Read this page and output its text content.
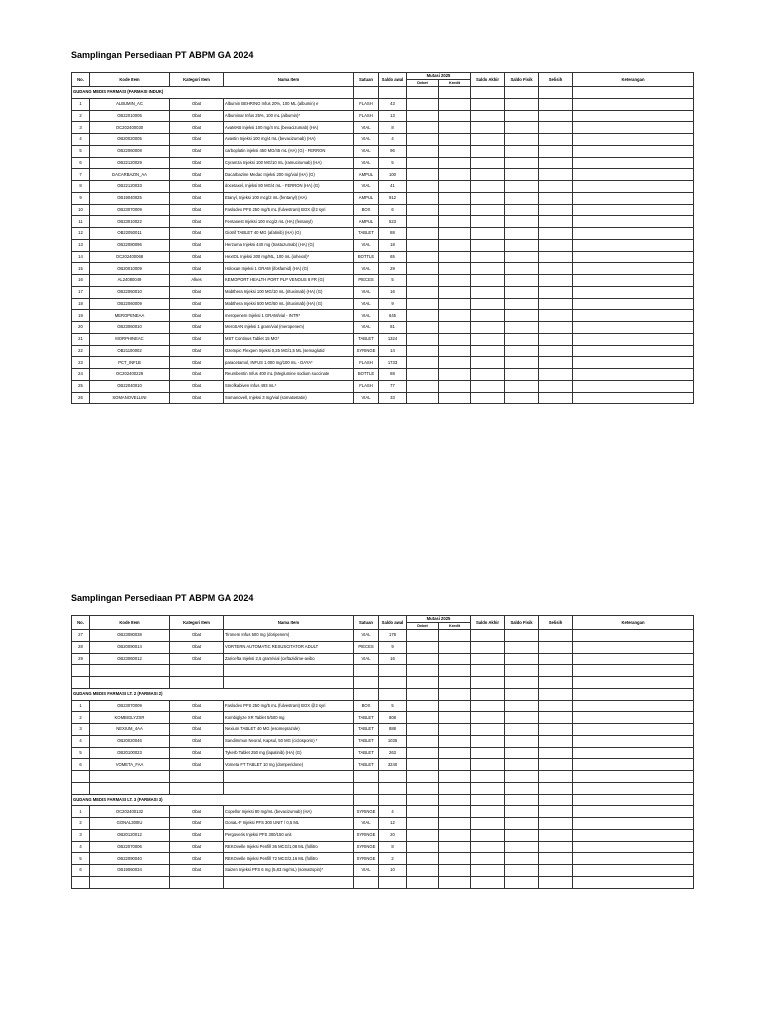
Samplingan Persediaan PT ABPM GA 2024
No.	Kode Item	Kategori Item	Nama Item	Satuan	Saldo awal	Mutasi 2025		Saldo Akhir	Saldo Fisik	Selisih	Keterangan
						Debet	Kredit				
GUDANG MEDIS FARMASI (FARMASI INDUK)											
1	ALBUMIN_AC	Obat	Albumin BEHRING Infus 20%, 100 ML (albumin) e	FLASH	43						
2	OB22010005	Obat	Albuminar Infus 25%, 100 mL (albumin)*	FLASH	13						
3	OC202400030	Obat	AvaMAB Injeksi 100 mg/4 mL (bevacizumab) (HA)	VIAL	8						
4	OB20020005	Obat	Avastin Injeksi 100 mg/4 mL (bevacizumab) (HA)	VIAL	4						
5	OB22060008	Obat	carboplatin injeksi 450 MG/45 mL (HA) (G) - FERRON	VIAL	96						
6	OB22120029	Obat	Cyramza Injeksi 100 MG/10 mL (ramucirumab) (HA)	VIAL	5						
7	DACARBAZIN_AA	Obat	Dacarbazine Medac Injeksi 200 mg/vial (HA) (G)	AMPUL	100						
8	OB22120033	Obat	docetaxel, Injeksi 80 MG/4 mL - FERRON (HA) (G)	VIAL	41						
9	OB19040025	Obat	Etanyl, Injeksi 100 mcg/2 mL (fentanyl) (HA)	AMPUL	912						
10	OB23070009	Obat	Faslodex PFS 250 mg/5 mL (fulvestrant) BOX @2 syri	BOX	6						
11	OB23010022	Obat	Fentanest Injeksi 100 mcg/2 mL (HA) (fentanyl)	AMPUL	523						
12	OB22050011	Obat	Giotrif TABLET 40 MG (afatinib) (HA) (G)	TABLET	88						
13	OB22080096	Obat	Herzuma Injeksi 440 mg (trastuzumab) (HA) (G)	VIAL	18						
14	OC202400068	Obat	HextOL Injeksi 300 mg/ML, 100 mL (iohexol)*	BOTTLE	65						
15	OB20010009	Obat	Holoxan Injeksi 1 GRAM (ifosfamid) (HA) (G)	VIAL	29						
16	AL24080049	Alkes	KEMOPORT HEALTH PORT PLP VENOUS 8 FR (G)	PIECES	5						
17	OB22060010	Obat	Mabthera Injeksi 100 MG/10 mL (rituximab) (HA) (G)	VIAL	16						
18	OB22060009	Obat	Mabthera Injeksi 500 MG/50 mL (rituximab) (HA) (G)	VIAL	9						
19	MEROPENEAA	Obat	meropenem Injeksi 1 GRAM/vial - INTR*	VIAL	645						
20	OB23060010	Obat	MeroSAN Injeksi 1 gram/vial (meropenem)	VIAL	81						
21	MORPHINEAC	Obat	MST Continus Tablet 15 MG*	TABLET	1324						
22	OB21100002	Obat	Ozempic Flexpen Injeksi 0,25 MG/1,5 ML (semaglutid	SYRINGE	14						
23	PCT_INF1B	Obat	paracetamol, INFUS 1.000 mg/100 mL - DAYA*	FLASH	1733						
24	OC202400229	Obat	Reumbentin Infus 400 mL (Meglumine sodium succinate	BOTTLE	88						
25	OB22040010	Obat	Smofkabiven Infus 493 mL*	FLASH	77						
26	SOMANOVELLINI	Obat	Somanovell, Injeksi 3 mg/vial (somatostatin)	VIAL	33						
Samplingan Persediaan PT ABPM GA 2024
No.	Kode Item	Kategori Item	Nama Item	Satuan	Saldo awal	Mutasi 2025		Saldo Akhir	Saldo Fisik	Selisih	Keterangan
						Debet	Kredit				
27	OB23080038	Obat	Tironem Infus 500 mg (doripenem)	VIAL	178						
28	OB20090014	Obat	VORTERN AUTOMATIC RESUSCITATOR ADULT	PIECES	9						
29	OB23060012	Obat	Zaricefta Injeksi 2,5 gram/vial (ceftazidime-avibo	VIAL	16						

GUDANG MEDIS FARMASI LT. 2 (FARMASI 2)											
1	OB23070009	Obat	Faslodex PFS 250 mg/5 mL (fulvestrant) BOX @2 syri	BOX	5						
2	KOMBIGLYZXR	Obat	Kombiglyze XR Tablet 5/500 mg	TABLET	808						
3	NEXIUM_4AA	Obat	Nexium TABLET 40 MG (esomeprazole)	TABLET	888						
4	OB20020046	Obat	Sandimmun Neoral, Kapsul, 50 MG (ciclosporin) *	TABLET	1035						
5	OB20100023	Obat	Tykerb Tablet 250 mg (lapatinib) (HA) (G)	TABLET	263						
6	VOMETA_FAA	Obat	Vometa FT TABLET 10 mg (domperidone)	TABLET	3240						

GUDANG MEDIS FARMASI LT. 3 (FARMASI 3)											
1	OC202400132	Obat	Copellor Injeksi 80 mg/mL (bevacizumab) (HA)	SYRINGE	4						
2	GONAL300IU	Obat	GonaL-F Injeksi PFS 300 UNIT / 0,5 ML	VIAL	12						
3	OB20120012	Obat	Pergoveris Injeksi PFS 300/150 unit	SYRINGE	20						
4	OB22070006	Obat	REKOvelle Injeksi Penfill 36 MCG/1,08 ML (follitro	SYRINGE	8						
5	OB22090040	Obat	REKOvelle Injeksi Penfill 72 MCG/2,16 ML (follitro	SYRINGE	2						
6	OB19060034	Obat	Saizen Injeksi PFS 6 mg (5,83 mg/mL) (somatropin)*	VIAL	10						
